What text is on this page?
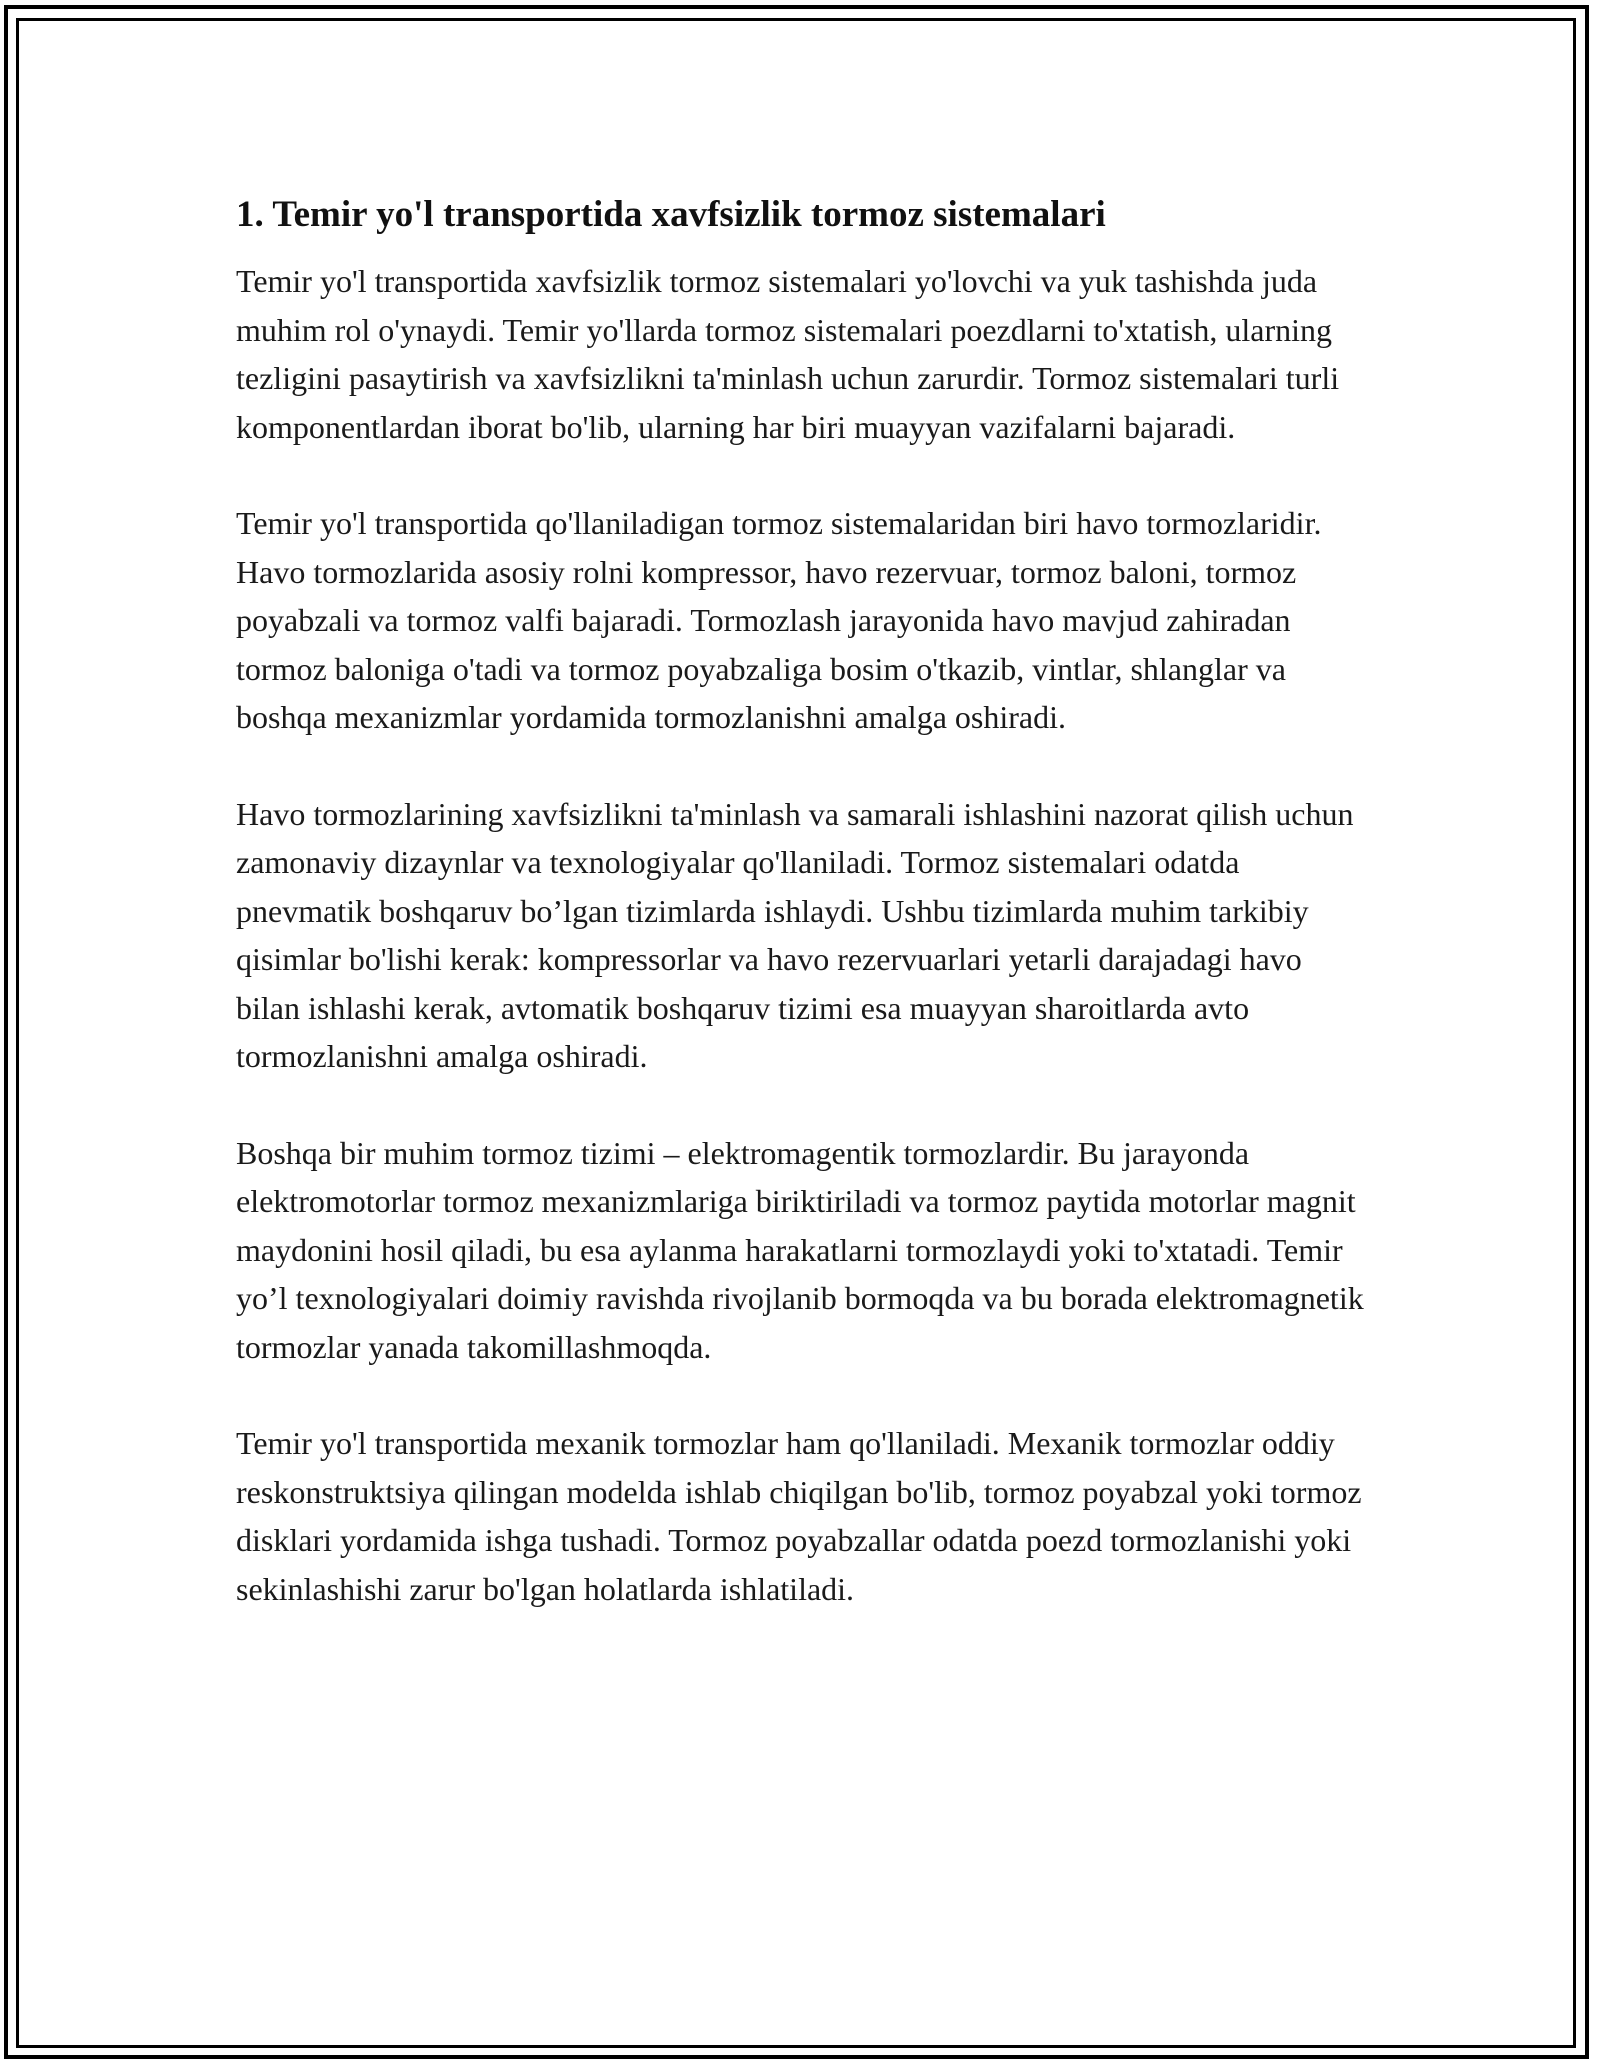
1. Temir yo'l transportida xavfsizlik tormoz sistemalari

Temir yo'l transportida xavfsizlik tormoz sistemalari yo'lovchi va yuk tashishda juda muhim rol o'ynaydi. Temir yo'llarda tormoz sistemalari poezdlarni to'xtatish, ularning tezligini pasaytirish va xavfsizlikni ta'minlash uchun zarurdir. Tormoz sistemalari turli komponentlardan iborat bo'lib, ularning har biri muayyan vazifalarni bajaradi.

Temir yo'l transportida qo'llaniladigan tormoz sistemalaridan biri havo tormozlaridir. Havo tormozlarida asosiy rolni kompressor, havo rezervuar, tormoz baloni, tormoz poyabzali va tormoz valfi bajaradi. Tormozlash jarayonida havo mavjud zahiradan tormoz baloniga o'tadi va tormoz poyabzaliga bosim o'tkazib, vintlar, shlanglar va boshqa mexanizmlar yordamida tormozlanishni amalga oshiradi.

Havo tormozlarining xavfsizlikni ta'minlash va samarali ishlashini nazorat qilish uchun zamonaviy dizaynlar va texnologiyalar qo'llaniladi. Tormoz sistemalari odatda pnevmatik boshqaruv bo’lgan tizimlarda ishlaydi. Ushbu tizimlarda muhim tarkibiy qisimlar bo'lishi kerak: kompressorlar va havo rezervuarlari yetarli darajadagi havo bilan ishlashi kerak, avtomatik boshqaruv tizimi esa muayyan sharoitlarda avto tormozlanishni amalga oshiradi.

Boshqa bir muhim tormoz tizimi – elektromagentik tormozlardir. Bu jarayonda elektromotorlar tormoz mexanizmlariga biriktiriladi va tormoz paytida motorlar magnit maydonini hosil qiladi, bu esa aylanma harakatlarni tormozlaydi yoki to'xtatadi. Temir yo’l texnologiyalari doimiy ravishda rivojlanib bormoqda va bu borada elektromagnetik tormozlar yanada takomillashmoqda.

Temir yo'l transportida mexanik tormozlar ham qo'llaniladi. Mexanik tormozlar oddiy reskonstruktsiya qilingan modelda ishlab chiqilgan bo'lib, tormoz poyabzal yoki tormoz disklari yordamida ishga tushadi. Tormoz poyabzallar odatda poezd tormozlanishi yoki sekinlashishi zarur bo'lgan holatlarda ishlatiladi.
